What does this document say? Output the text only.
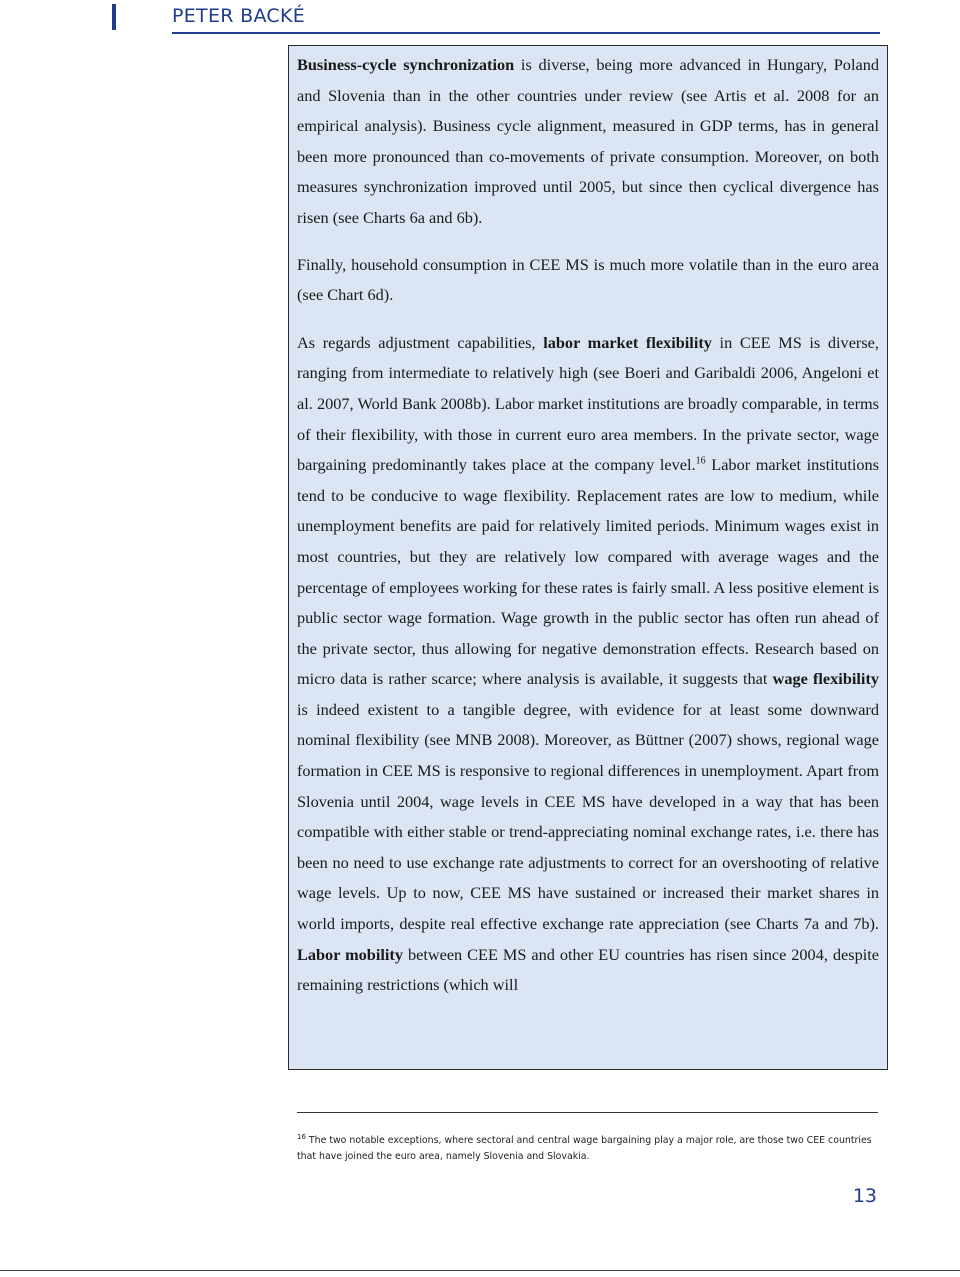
PETER BACKÉ

Business-cycle synchronization is diverse, being more advanced in Hungary, Poland and Slovenia than in the other countries under review (see Artis et al. 2008 for an empirical analysis). Business cycle alignment, measured in GDP terms, has in general been more pronounced than co-movements of private consumption. Moreover, on both measures synchronization improved until 2005, but since then cyclical divergence has risen (see Charts 6a and 6b).

Finally, household consumption in CEE MS is much more volatile than in the euro area (see Chart 6d).

As regards adjustment capabilities, labor market flexibility in CEE MS is diverse, ranging from intermediate to relatively high (see Boeri and Garibaldi 2006, Angeloni et al. 2007, World Bank 2008b). Labor market institutions are broadly comparable, in terms of their flexibility, with those in current euro area members. In the private sector, wage bargaining predominantly takes place at the company level.$^{16}$ Labor market institutions tend to be conducive to wage flexibility. Replacement rates are low to medium, while unemployment benefits are paid for relatively limited periods. Minimum wages exist in most countries, but they are relatively low compared with average wages and the percentage of employees working for these rates is fairly small. A less positive element is public sector wage formation. Wage growth in the public sector has often run ahead of the private sector, thus allowing for negative demonstration effects. Research based on micro data is rather scarce; where analysis is available, it suggests that wage flexibility is indeed existent to a tangible degree, with evidence for at least some downward nominal flexibility (see MNB 2008). Moreover, as Büttner (2007) shows, regional wage formation in CEE MS is responsive to regional differences in unemployment. Apart from Slovenia until 2004, wage levels in CEE MS have developed in a way that has been compatible with either stable or trend-appreciating nominal exchange rates, i.e. there has been no need to use exchange rate adjustments to correct for an overshooting of relative wage levels. Up to now, CEE MS have sustained or increased their market shares in world imports, despite real effective exchange rate appreciation (see Charts 7a and 7b). Labor mobility between CEE MS and other EU countries has risen since 2004, despite remaining restrictions (which will

$^{16}$ The two notable exceptions, where sectoral and central wage bargaining play a major role, are those two CEE countries that have joined the euro area, namely Slovenia and Slovakia.
13
